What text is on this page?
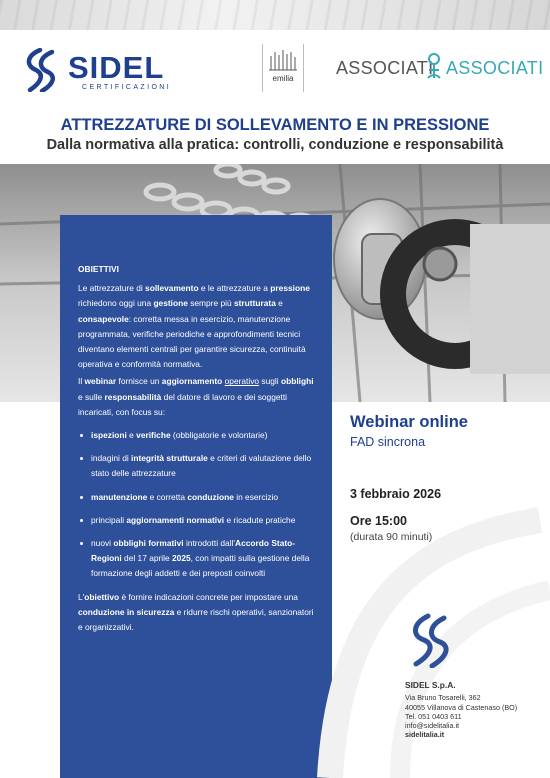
SIDEL
CERTIFICAZIONI
emilia
ASSOCIATI ASSOCIATI
ATTREZZATURE DI SOLLEVAMENTO E IN PRESSIONE
Dalla normativa alla pratica: controlli, conduzione e responsabilità
OBIETTIVI

Le attrezzature di sollevamento e le attrezzature a pressione richiedono oggi una gestione sempre più strutturata e consapevole: corretta messa in esercizio, manutenzione programmata, verifiche periodiche e approfondimenti tecnici diventano elementi centrali per garantire sicurezza, continuità operativa e conformità normativa.

Il webinar fornisce un aggiornamento operativo sugli obblighi e sulle responsabilità del datore di lavoro e dei soggetti incaricati, con focus su:

ispezioni e verifiche (obbligatorie e volontarie)
indagini di integrità strutturale e criteri di valutazione dello stato delle attrezzature
manutenzione e corretta conduzione in esercizio
principali aggiornamenti normativi e ricadute pratiche
nuovi obblighi formativi introdotti dall'Accordo Stato-Regioni del 17 aprile 2025, con impatti sulla gestione della formazione degli addetti e dei preposti coinvolti

L'obiettivo è fornire indicazioni concrete per impostare una conduzione in sicurezza e ridurre rischi operativi, sanzionatori e organizzativi.

Webinar online
FAD sincrona
3 febbraio 2026
Ore 15:00
(durata 90 minuti)
SIDEL S.p.A.
Via Bruno Tosarelli, 362
40055 Villanova di Castenaso (BO)
Tel. 051 0403 611
info@sidelitalia.it
sidelitalia.it
